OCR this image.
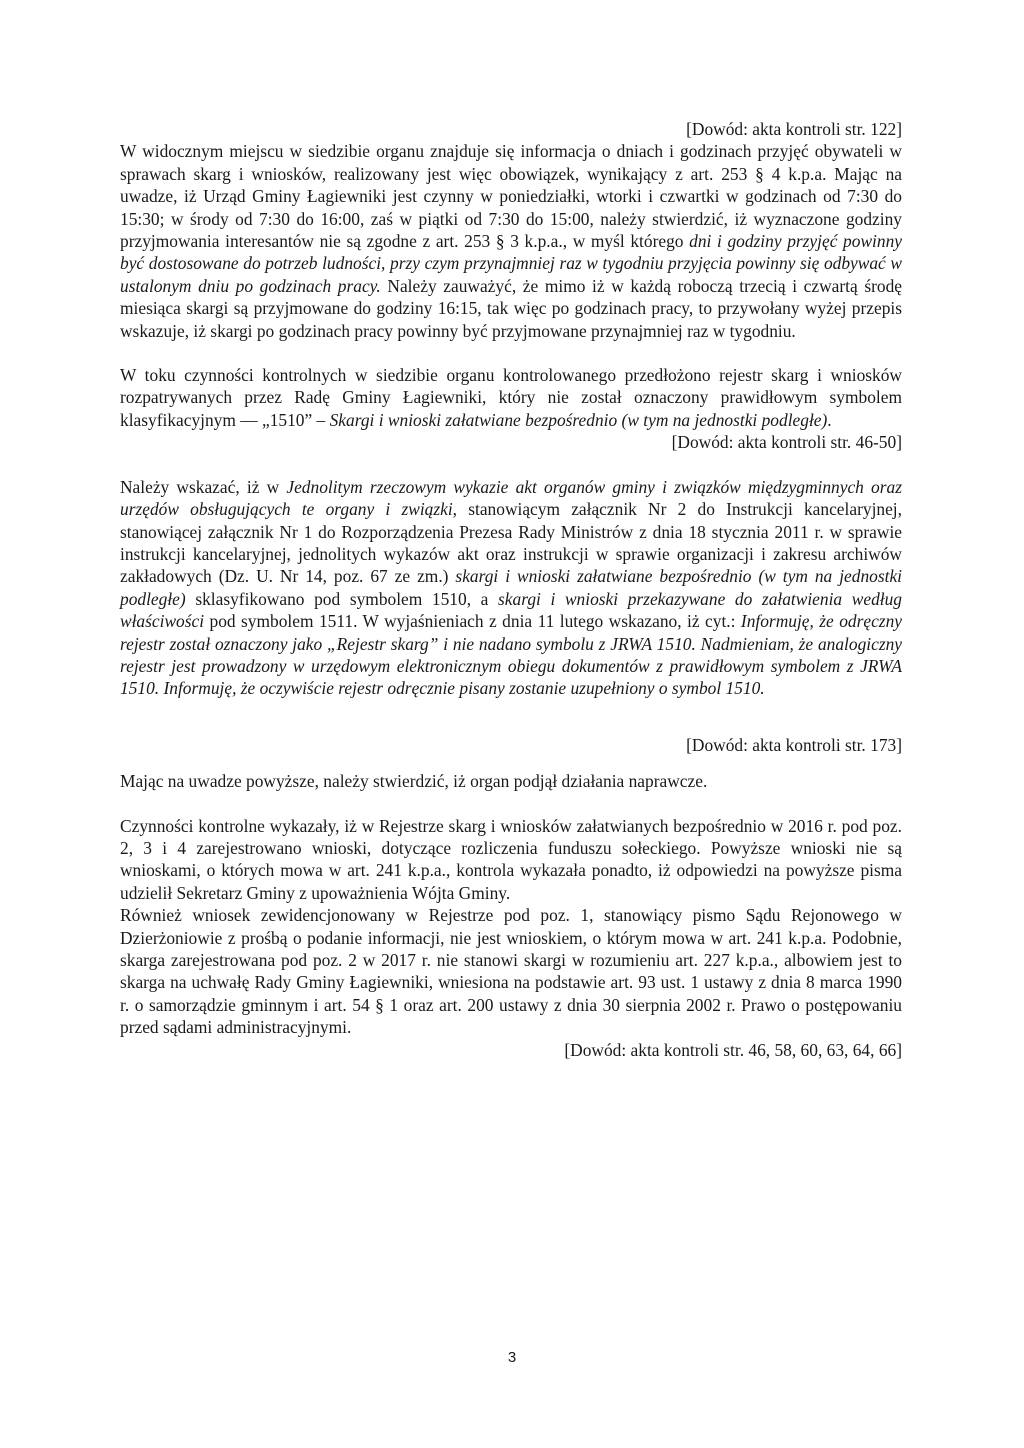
[Dowód: akta kontroli str. 122]

W widocznym miejscu w siedzibie organu znajduje się informacja o dniach i godzinach przyjęć obywateli w sprawach skarg i wniosków, realizowany jest więc obowiązek, wynikający z art. 253 § 4 k.p.a. Mając na uwadze, iż Urząd Gminy Łagiewniki jest czynny w poniedziałki, wtorki i czwartki w godzinach od 7:30 do 15:30; w środy od 7:30 do 16:00, zaś w piątki od 7:30 do 15:00, należy stwierdzić, iż wyznaczone godziny przyjmowania interesantów nie są zgodne z art. 253 § 3 k.p.a., w myśl którego dni i godziny przyjęć powinny być dostosowane do potrzeb ludności, przy czym przynajmniej raz w tygodniu przyjęcia powinny się odbywać w ustalonym dniu po godzinach pracy. Należy zauważyć, że mimo iż w każdą roboczą trzecią i czwartą środę miesiąca skargi są przyjmowane do godziny 16:15, tak więc po godzinach pracy, to przywołany wyżej przepis wskazuje, iż skargi po godzinach pracy powinny być przyjmowane przynajmniej raz w tygodniu.

W toku czynności kontrolnych w siedzibie organu kontrolowanego przedłożono rejestr skarg i wniosków rozpatrywanych przez Radę Gminy Łagiewniki, który nie został oznaczony prawidłowym symbolem klasyfikacyjnym — „1510” – Skargi i wnioski załatwiane bezpośrednio (w tym na jednostki podległe).

[Dowód: akta kontroli str. 46-50]

Należy wskazać, iż w Jednolitym rzeczowym wykazie akt organów gminy i związków międzygminnych oraz urzędów obsługujących te organy i związki, stanowiącym załącznik Nr 2 do Instrukcji kancelaryjnej, stanowiącej załącznik Nr 1 do Rozporządzenia Prezesa Rady Ministrów z dnia 18 stycznia 2011 r. w sprawie instrukcji kancelaryjnej, jednolitych wykazów akt oraz instrukcji w sprawie organizacji i zakresu archiwów zakładowych (Dz. U. Nr 14, poz. 67 ze zm.) skargi i wnioski załatwiane bezpośrednio (w tym na jednostki podległe) sklasyfikowano pod symbolem 1510, a skargi i wnioski przekazywane do załatwienia według właściwości pod symbolem 1511. W wyjaśnieniach z dnia 11 lutego wskazano, iż cyt.: Informuję, że odręczny rejestr został oznaczony jako „Rejestr skarg” i nie nadano symbolu z JRWA 1510. Nadmieniam, że analogiczny rejestr jest prowadzony w urzędowym elektronicznym obiegu dokumentów z prawidłowym symbolem z JRWA 1510. Informuję, że oczywiście rejestr odręcznie pisany zostanie uzupełniony o symbol 1510.

[Dowód: akta kontroli str. 173]

Mając na uwadze powyższe, należy stwierdzić, iż organ podjął działania naprawcze.

Czynności kontrolne wykazały, iż w Rejestrze skarg i wniosków załatwianych bezpośrednio w 2016 r. pod poz. 2, 3 i 4 zarejestrowano wnioski, dotyczące rozliczenia funduszu sołeckiego. Powyższe wnioski nie są wnioskami, o których mowa w art. 241 k.p.a., kontrola wykazała ponadto, iż odpowiedzi na powyższe pisma udzielił Sekretarz Gminy z upoważnienia Wójta Gminy.

Również wniosek zewidencjonowany w Rejestrze pod poz. 1, stanowiący pismo Sądu Rejonowego w Dzierżoniowie z prośbą o podanie informacji, nie jest wnioskiem, o którym mowa w art. 241 k.p.a. Podobnie, skarga zarejestrowana pod poz. 2 w 2017 r. nie stanowi skargi w rozumieniu art. 227 k.p.a., albowiem jest to skarga na uchwałę Rady Gminy Łagiewniki, wniesiona na podstawie art. 93 ust. 1 ustawy z dnia 8 marca 1990 r. o samorządzie gminnym i art. 54 § 1 oraz art. 200 ustawy z dnia 30 sierpnia 2002 r. Prawo o postępowaniu przed sądami administracyjnymi.

[Dowód: akta kontroli str. 46, 58, 60, 63, 64, 66]
3
